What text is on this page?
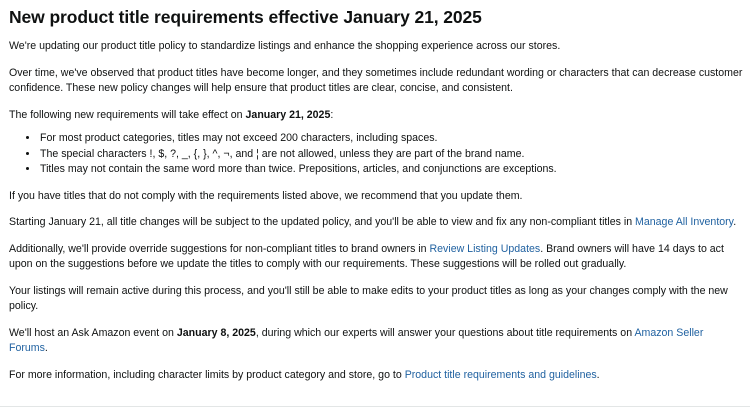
New product title requirements effective January 21, 2025

We're updating our product title policy to standardize listings and enhance the shopping experience across our stores.

Over time, we've observed that product titles have become longer, and they sometimes include redundant wording or characters that can decrease customer confidence. These new policy changes will help ensure that product titles are clear, concise, and consistent.

The following new requirements will take effect on January 21, 2025:

• For most product categories, titles may not exceed 200 characters, including spaces.
• The special characters !, $, ?, _, {, }, ^, ¬, and ¦ are not allowed, unless they are part of the brand name.
• Titles may not contain the same word more than twice. Prepositions, articles, and conjunctions are exceptions.

If you have titles that do not comply with the requirements listed above, we recommend that you update them.

Starting January 21, all title changes will be subject to the updated policy, and you'll be able to view and fix any non-compliant titles in Manage All Inventory.

Additionally, we'll provide override suggestions for non-compliant titles to brand owners in Review Listing Updates. Brand owners will have 14 days to act upon on the suggestions before we update the titles to comply with our requirements. These suggestions will be rolled out gradually.

Your listings will remain active during this process, and you'll still be able to make edits to your product titles as long as your changes comply with the new policy.

We'll host an Ask Amazon event on January 8, 2025, during which our experts will answer your questions about title requirements on Amazon Seller Forums.

For more information, including character limits by product category and store, go to Product title requirements and guidelines.
